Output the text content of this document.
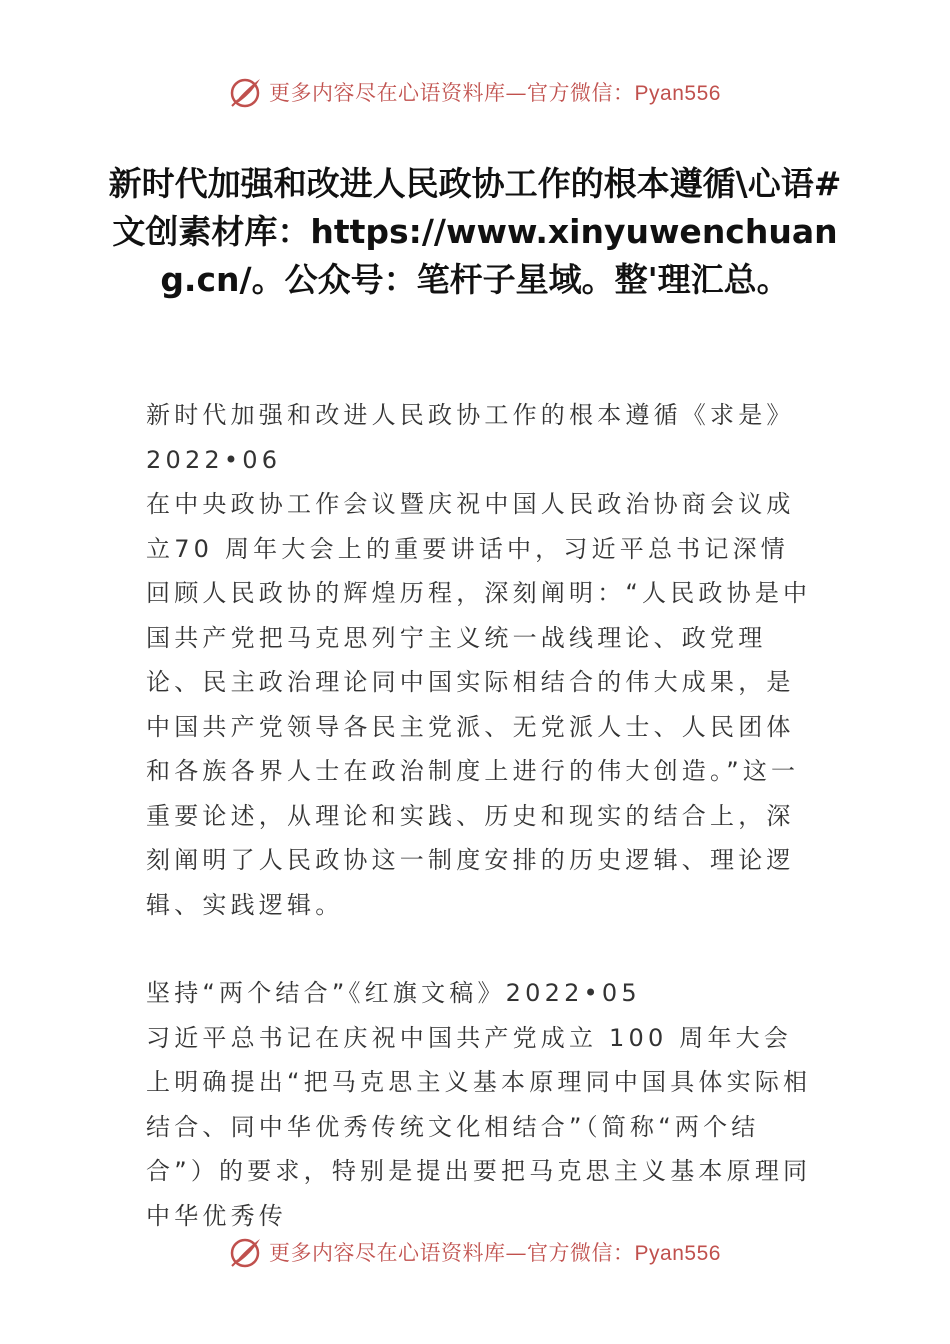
更多内容尽在心语资料库—官方微信：Pyan556
新时代加强和改进人民政协工作的根本遵循\心语#文创素材库：https://www.xinyuwenchuang.cn/。公众号：笔杆子星域。整'理汇总。

新时代加强和改进人民政协工作的根本遵循《求是》

2022•06

在中央政协工作会议暨庆祝中国人民政治协商会议成立70 周年大会上的重要讲话中，习近平总书记深情回顾人民政协的辉煌历程，深刻阐明：“人民政协是中国共产党把马克思列宁主义统一战线理论、政党理论、民主政治理论同中国实际相结合的伟大成果，是中国共产党领导各民主党派、无党派人士、人民团体和各族各界人士在政治制度上进行的伟大创造。”这一重要论述，从理论和实践、历史和现实的结合上，深刻阐明了人民政协这一制度安排的历史逻辑、理论逻辑、实践逻辑。

坚持“两个结合”《红旗文稿》2022•05

习近平总书记在庆祝中国共产党成立 100 周年大会上明确提出“把马克思主义基本原理同中国具体实际相结合、同中华优秀传统文化相结合”（简称“两个结合”）的要求，特别是提出要把马克思主义基本原理同中华优秀传

更多内容尽在心语资料库—官方微信：Pyan556
